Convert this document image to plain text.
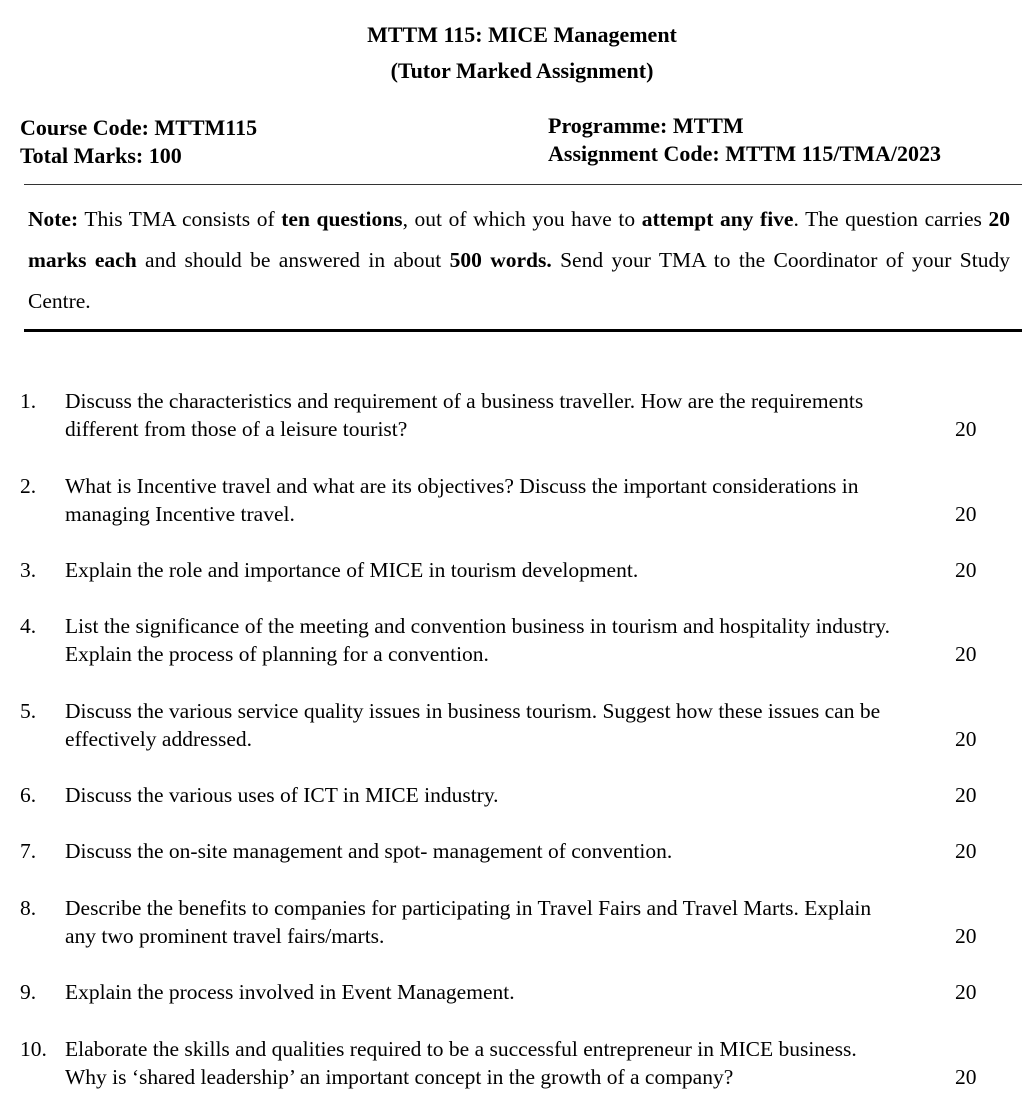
MTTM 115: MICE Management
(Tutor Marked Assignment)
Course Code: MTTM115
Total Marks: 100
Programme: MTTM
Assignment Code: MTTM 115/TMA/2023
Note: This TMA consists of ten questions, out of which you have to attempt any five. The question carries 20 marks each and should be answered in about 500 words. Send your TMA to the Coordinator of your Study Centre.
1. Discuss the characteristics and requirement of a business traveller. How are the requirements
different from those of a leisure tourist?	20
2. What is Incentive travel and what are its objectives? Discuss the important considerations in
managing Incentive travel.	20
3. Explain the role and importance of MICE in tourism development.	20
4. List the significance of the meeting and convention business in tourism and hospitality industry.
Explain the process of planning for a convention.	20
5. Discuss the various service quality issues in business tourism. Suggest how these issues can be
effectively addressed.	20
6. Discuss the various uses of ICT in MICE industry.	20
7. Discuss the on-site management and spot- management of convention.	20
8. Describe the benefits to companies for participating in Travel Fairs and Travel Marts. Explain
any two prominent travel fairs/marts.	20
9. Explain the process involved in Event Management.	20
10. Elaborate the skills and qualities required to be a successful entrepreneur in MICE business.
Why is ‘shared leadership’ an important concept in the growth of a company?	20
